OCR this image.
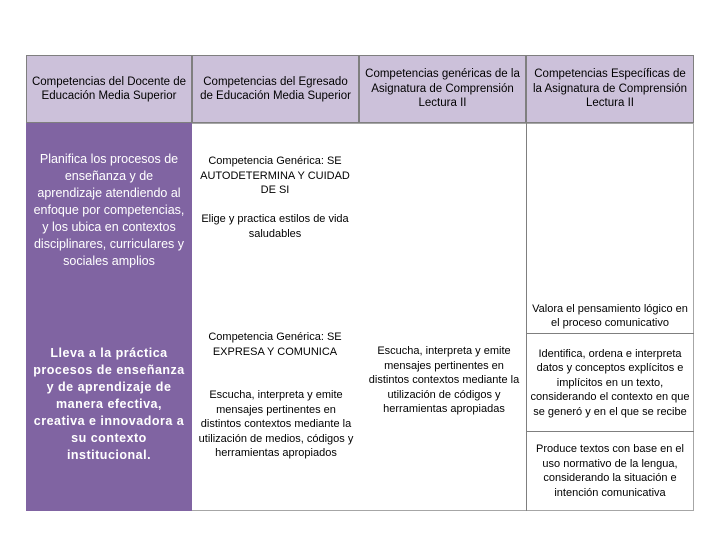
Competencias del Docente de Educación Media Superior
Competencias del Egresado de Educación Media Superior
Competencias genéricas de la Asignatura de Comprensión Lectura II
Competencias Específicas de la Asignatura de Comprensión Lectura II
Planifica los procesos de enseñanza y de aprendizaje atendiendo al enfoque por competencias, y los ubica en contextos disciplinares, curriculares y sociales amplios
Competencia Genérica: SE AUTODETERMINA Y CUIDAD DE SI
Elige y practica estilos de vida saludables
Lleva a la práctica procesos de enseñanza y de aprendizaje de manera efectiva, creativa e innovadora a su contexto institucional.
Competencia Genérica: SE EXPRESA Y COMUNICA
Escucha, interpreta y emite mensajes pertinentes en distintos contextos mediante la utilización de medios, códigos y herramientas apropiados
Escucha, interpreta y emite mensajes pertinentes en distintos contextos mediante la utilización de códigos y herramientas apropiadas
Valora el pensamiento lógico en el proceso comunicativo
Identifica, ordena e interpreta datos y conceptos explícitos e implícitos en un texto, considerando el contexto en que se generó y en el que se recibe
Produce textos con base en el uso normativo de la lengua, considerando la situación e intención comunicativa
